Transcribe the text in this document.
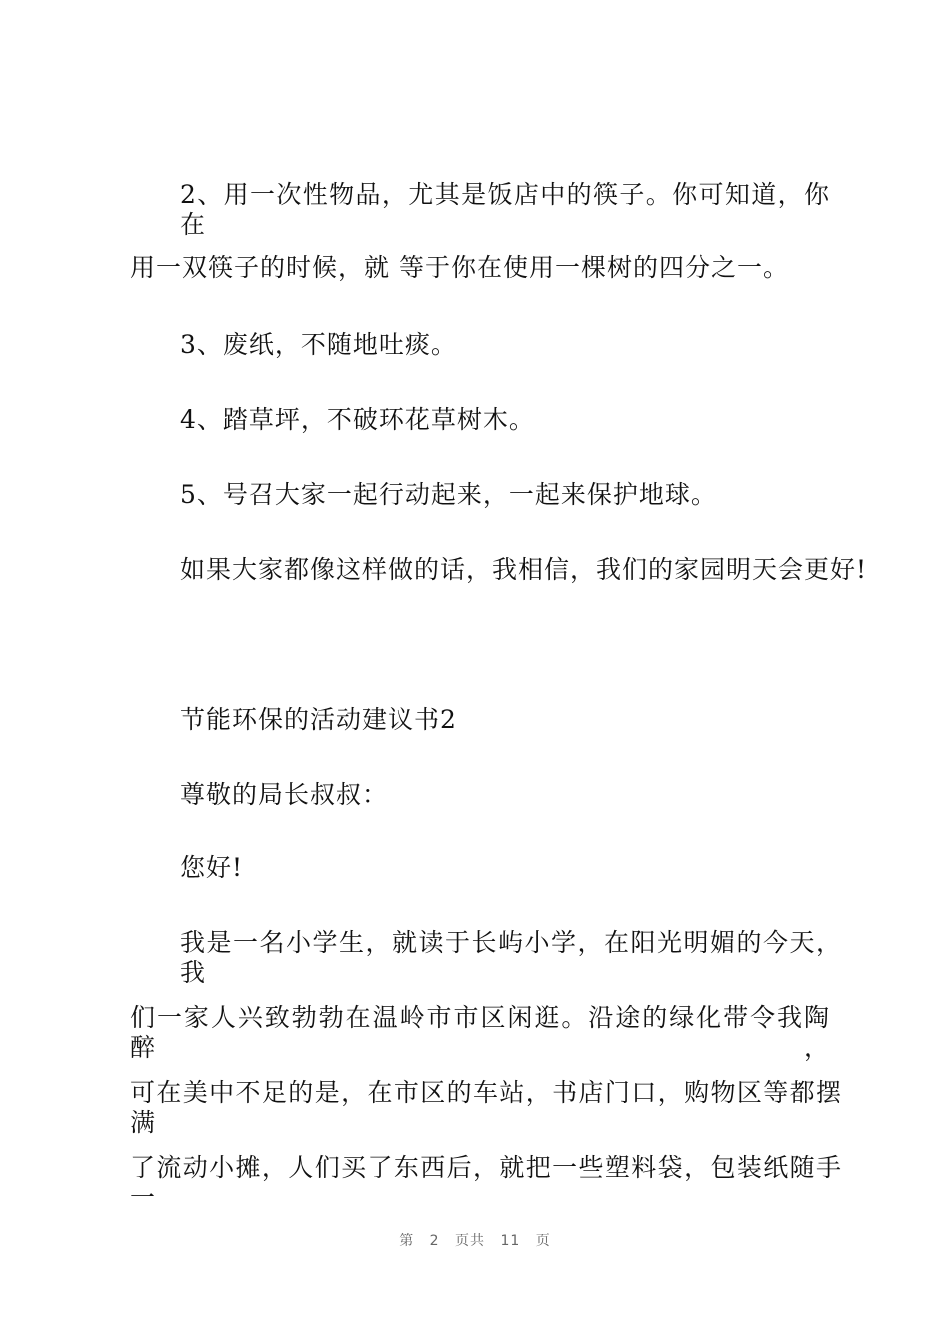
2、用一次性物品，尤其是饭店中的筷子。你可知道，你在
用一双筷子的时候，就 等于你在使用一棵树的四分之一。
3、废纸，不随地吐痰。
4、踏草坪，不破环花草树木。
5、号召大家一起行动起来，一起来保护地球。
如果大家都像这样做的话，我相信，我们的家园明天会更好!
节能环保的活动建议书2
尊敬的局长叔叔：
您好!
我是一名小学生，就读于长屿小学，在阳光明媚的今天，我
们一家人兴致勃勃在温岭市市区闲逛。沿途的绿化带令我陶醉，
可在美中不足的是，在市区的车站，书店门口，购物区等都摆满
了流动小摊，人们买了东西后，就把一些塑料袋，包装纸随手一
第 2 页共 11 页
